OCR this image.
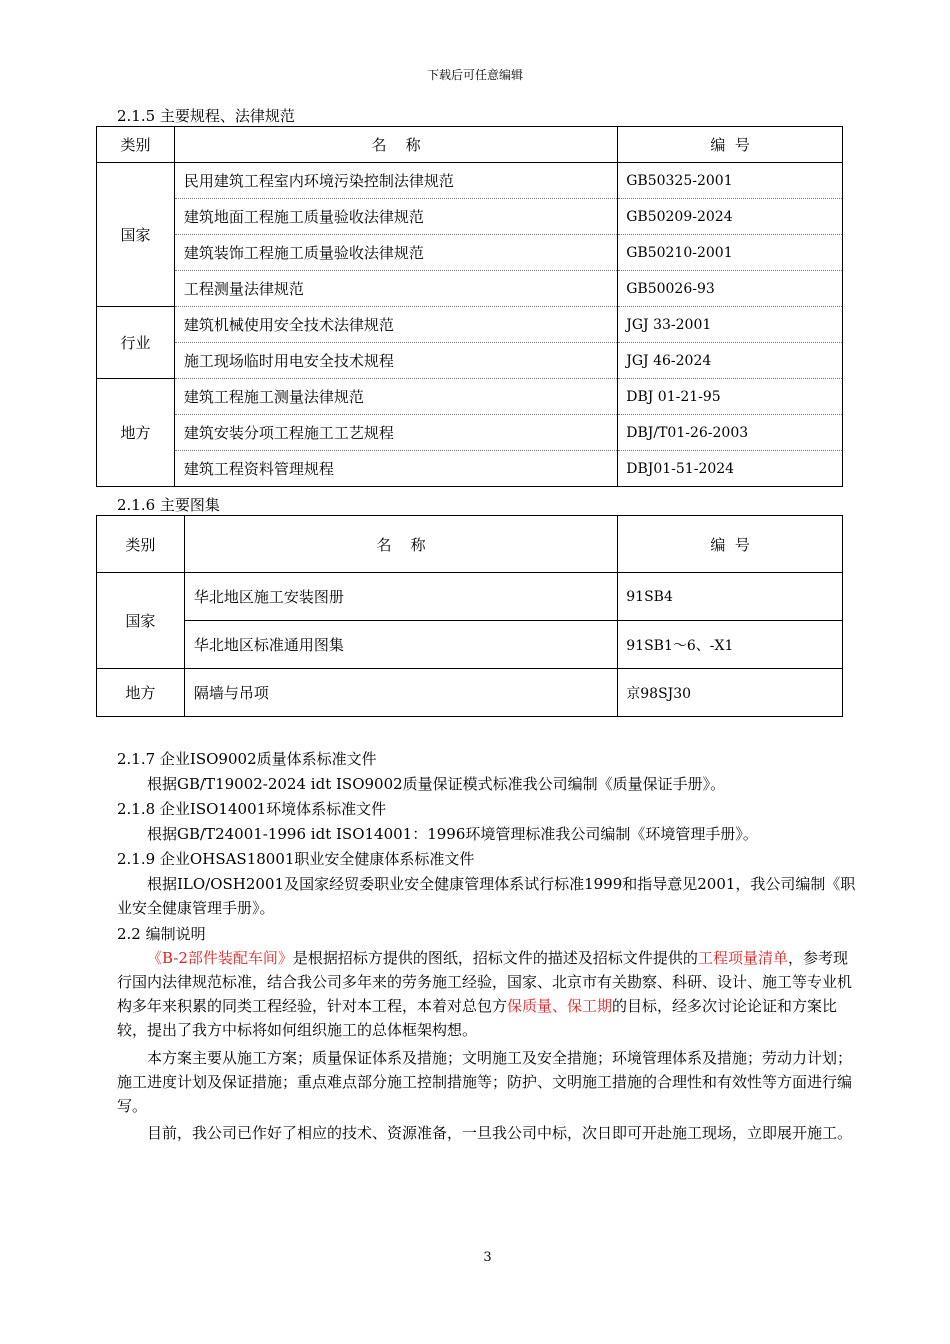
下载后可任意编辑
2.1.5 主要规程、法律规范
类别	名    称	编  号
国家	民用建筑工程室内环境污染控制法律规范	GB50325-2001
	建筑地面工程施工质量验收法律规范	GB50209-2024
	建筑装饰工程施工质量验收法律规范	GB50210-2001
	工程测量法律规范	GB50026-93
行业	建筑机械使用安全技术法律规范	JGJ 33-2001
	施工现场临时用电安全技术规程	JGJ 46-2024
地方	建筑工程施工测量法律规范	DBJ 01-21-95
	建筑安装分项工程施工工艺规程	DBJ/T01-26-2003
	建筑工程资料管理规程	DBJ01-51-2024
2.1.6 主要图集
类别	名    称	编  号
国家	华北地区施工安装图册	91SB4
	华北地区标准通用图集	91SB1～6、-X1
地方	隔墙与吊项	京98SJ30
2.1.7 企业ISO9002质量体系标准文件
根据GB/T19002-2024 idt ISO9002质量保证模式标准我公司编制《质量保证手册》。
2.1.8 企业ISO14001环境体系标准文件
根据GB/T24001-1996 idt ISO14001：1996环境管理标准我公司编制《环境管理手册》。
2.1.9 企业OHSAS18001职业安全健康体系标准文件
根据ILO/OSH2001及国家经贸委职业安全健康管理体系试行标准1999和指导意见2001，我公司编制《职业安全健康管理手册》。
2.2 编制说明
《B-2部件装配车间》是根据招标方提供的图纸，招标文件的描述及招标文件提供的工程项量清单，参考现行国内法律规范标准，结合我公司多年来的劳务施工经验，国家、北京市有关勘察、科研、设计、施工等专业机构多年来积累的同类工程经验，针对本工程，本着对总包方保质量、保工期的目标，经多次讨论论证和方案比较，提出了我方中标将如何组织施工的总体框架构想。
本方案主要从施工方案；质量保证体系及措施；文明施工及安全措施；环境管理体系及措施；劳动力计划；施工进度计划及保证措施；重点难点部分施工控制措施等；防护、文明施工措施的合理性和有效性等方面进行编写。
目前，我公司已作好了相应的技术、资源准备，一旦我公司中标，次日即可开赴施工现场，立即展开施工。
3
